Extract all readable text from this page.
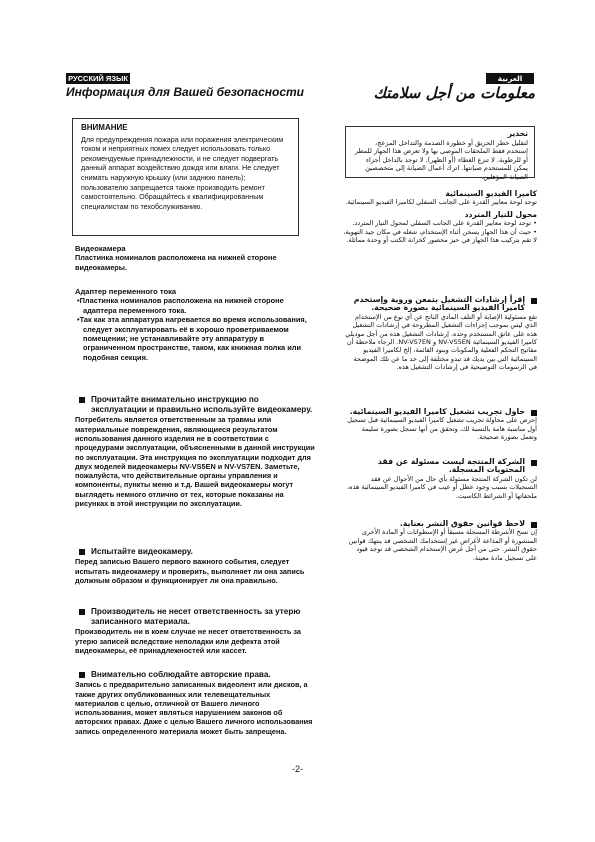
РУССКИЙ ЯЗЫК	العربية
Информация для Вашей безопасности	معلومات من أجل سلامتك
ВНИМАНИЕ

Для предупреждения пожара или поражения электрическим током и неприятных помех следует использовать только рекомендуемые принадлежности, и не следует подвергать данный аппарат воздействию дождя или влаги. Не следует снимать наружную крышку (или заднюю панель); пользователю запрещается также производить ремонт самостоятельно. Обращайтесь к квалифицированным специалистам по техобслуживанию.

Видеокамера

Пластинка номиналов расположена на нижней стороне видеокамеры.

Адаптер переменного тока

•Пластинка номиналов расположена на нижней стороне адаптера переменного тока.

•Так как эта аппаратура нагревается во время использования, следует эксплуатировать её в хорошо проветриваемом помещении; не устанавливайте эту аппаратуру в ограниченном пространстве, таком, как книжная полка или подобная секция.

Прочитайте внимательно инструкцию по эксплуатации и правильно используйте видеокамеру.

Потребитель является ответственным за травмы или материальные повреждения, являющиеся результатом использования данного изделия не в соответствии с процедурами эксплуатации, объясненными в данной инструкции по эксплуатации. Эта инструкция по эксплуатации подходит для двух моделей видеокамеры NV-VS5EN и NV-VS7EN. Заметьте, пожалуйста, что действительные органы управления и компоненты, пункты меню и т.д. Вашей видеокамеры могут выглядеть немного отлично от тех, которые показаны на рисунках в этой инструкции по эксплуатации.

Испытайте видеокамеру.

Перед записью Вашего первого важного события, следует испытать видеокамеру и проверить, выполняет ли она запись должным образом и функционирует ли она правильно.

Производитель не несет ответственность за утерю записанного материала.

Производитель ни в коем случае не несет ответственность за утерю записей вследствие неполадки или дефекта этой видеокамеры, её принадлежностей или кассет.

Внимательно соблюдайте авторские права.

Запись с предварительно записанных видеолент или дисков, а также других опубликованных или телевещательных материалов с целью, отличной от Вашего личного использования, может являться нарушением законов об авторских правах. Даже с целью Вашего личного использования запись определенного материала может быть запрещена.

تحذير

لتقليل خطر الحريق أو خطورة الصدمة والتداخل المزعج، إستخدم فقط الملحقات الموصى بها ولا تعرض هذا الجهاز للمطر أو للرطوبة. لا تنزع الغطاء (أو الظهر). لا توجد بالداخل أجزاء يمكن للمستخدم صيانتها. اترك أعمال الصيانة إلى متخصصين الصيانة المؤهلين.

كاميرا الفيديو السينمائية

توجد لوحة معايير القدرة على الجانب السفلي لكاميرا الفيديو السينمائية.

محول للتيار المتردد

• توجد لوحة معايير القدرة على الجانب السفلي لمحول التيار المتردد.

• حيث أن هذا الجهاز يسخن أثناء الإستخدام، شغله في مكان جيد التهوية، لا تقم بتركيب هذا الجهاز في حيز محصور كخزانة الكتب أو وحدة مماثلة.

إقرأ إرشادات التشغيل بتمعن وروية وإستخدم كاميرا الفيديو السينمائية بصورة صحيحة.

تقع مسئولية الإصابة أو التلف المادي الناتج عن أي نوع من الإستخدام الذي ليس بموجب إجراءات التشغيل المطروحة في إرشادات التشغيل هذه على عاتق المستخدم وحده. إرشادات التشغيل هذه من أجل موديلي كاميرا الفيديو السينمائية NV-VS5EN و NV-VS7EN. الرجاء ملاحظة أن مفاتيح التحكم الفعلية والمكونات وبنود القائمة، إلخ لكاميرا الفيديو السينمائية التي بين يديك قد تبدو مختلفة إلى حد ما عن تلك الموضحة في الرسومات التوضيحية في إرشادات التشغيل هذه.

حاول تجريب تشغيل كاميرا الفيديو السينمائية.

إحرص على محاولة تجريب تشغيل كاميرا الفيديو السينمائية قبل تسجيل أول مناسبة هامة بالنسبة لك، وتحقق من أنها تسجل بصورة سليمة وتعمل بصورة صحيحة.

الشركة المنتجة ليست مسئولة عن فقد المحتويات المسجلة.

لن تكون الشركة المنتجة مسئولة بأي حال من الأحوال عن فقد التسجيلات بسبب وجود عطل أو عيب في كاميرا الفيديو السينمائية هذه، ملحقاتها أو الشرائط الكاسيت.

لاحظ قوانين حقوق النشر بعناية.

إن نسخ الأشرطة المسجلة مسبقاً أو الإسطوانات أو المادة الأخرى المنشورة أو المذاعة لأغراض غير إستخدامك الشخصي قد ينتهك قوانين حقوق النشر. حتى من أجل غرض الإستخدام الشخصي قد توجد قيود على تسجيل مادة معينة.

-2-
